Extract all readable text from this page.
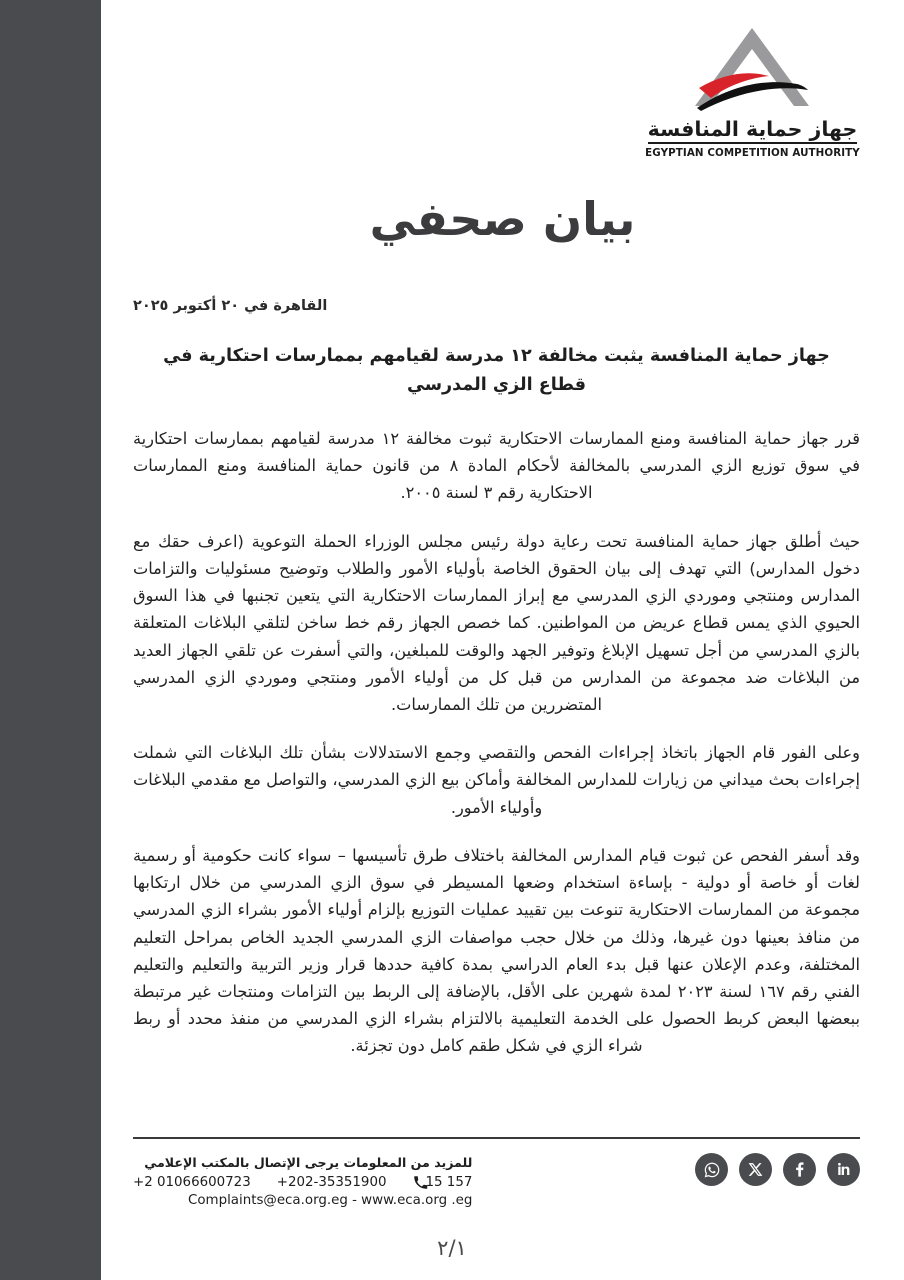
جهاز حماية المنافسة
EGYPTIAN COMPETITION AUTHORITY
بيان صحفي
القاهرة في ٢٠ أكتوبر ٢٠٢٥
جهاز حماية المنافسة يثبت مخالفة ١٢ مدرسة لقيامهم بممارسات احتكارية في قطاع الزي المدرسي

قرر جهاز حماية المنافسة ومنع الممارسات الاحتكارية ثبوت مخالفة ١٢ مدرسة لقيامهم بممارسات احتكارية في سوق توزيع الزي المدرسي بالمخالفة لأحكام المادة ٨ من قانون حماية المنافسة ومنع الممارسات الاحتكارية رقم ٣ لسنة ٢٠٠٥.

حيث أطلق جهاز حماية المنافسة تحت رعاية دولة رئيس مجلس الوزراء الحملة التوعوية (اعرف حقك مع دخول المدارس) التي تهدف إلى بيان الحقوق الخاصة بأولياء الأمور والطلاب وتوضيح مسئوليات والتزامات المدارس ومنتجي وموردي الزي المدرسي مع إبراز الممارسات الاحتكارية التي يتعين تجنبها في هذا السوق الحيوي الذي يمس قطاع عريض من المواطنين. كما خصص الجهاز رقم خط ساخن لتلقي البلاغات المتعلقة بالزي المدرسي من أجل تسهيل الإبلاغ وتوفير الجهد والوقت للمبلغين، والتي أسفرت عن تلقي الجهاز العديد من البلاغات ضد مجموعة من المدارس من قبل كل من أولياء الأمور ومنتجي وموردي الزي المدرسي المتضررين من تلك الممارسات.

وعلى الفور قام الجهاز باتخاذ إجراءات الفحص والتقصي وجمع الاستدلالات بشأن تلك البلاغات التي شملت إجراءات بحث ميداني من زيارات للمدارس المخالفة وأماكن بيع الزي المدرسي، والتواصل مع مقدمي البلاغات وأولياء الأمور.

وقد أسفر الفحص عن ثبوت قيام المدارس المخالفة باختلاف طرق تأسيسها – سواء كانت حكومية أو رسمية لغات أو خاصة أو دولية - بإساءة استخدام وضعها المسيطر في سوق الزي المدرسي من خلال ارتكابها مجموعة من الممارسات الاحتكارية تنوعت بين تقييد عمليات التوزيع بإلزام أولياء الأمور بشراء الزي المدرسي من منافذ بعينها دون غيرها، وذلك من خلال حجب مواصفات الزي المدرسي الجديد الخاص بمراحل التعليم المختلفة، وعدم الإعلان عنها قبل بدء العام الدراسي بمدة كافية حددها قرار وزير التربية والتعليم والتعليم الفني رقم ١٦٧ لسنة ٢٠٢٣ لمدة شهرين على الأقل، بالإضافة إلى الربط بين التزامات ومنتجات غير مرتبطة ببعضها البعض كربط الحصول على الخدمة التعليمية بالالتزام بشراء الزي المدرسي من منفذ محدد أو ربط شراء الزي في شكل طقم كامل دون تجزئة.

للمزيد من المعلومات يرجى الإتصال بالمكتب الإعلامي
+2 01066600723 +202-35351900	15 157
Complaints@eca.org.eg - www.eca.org .eg
٢/١
